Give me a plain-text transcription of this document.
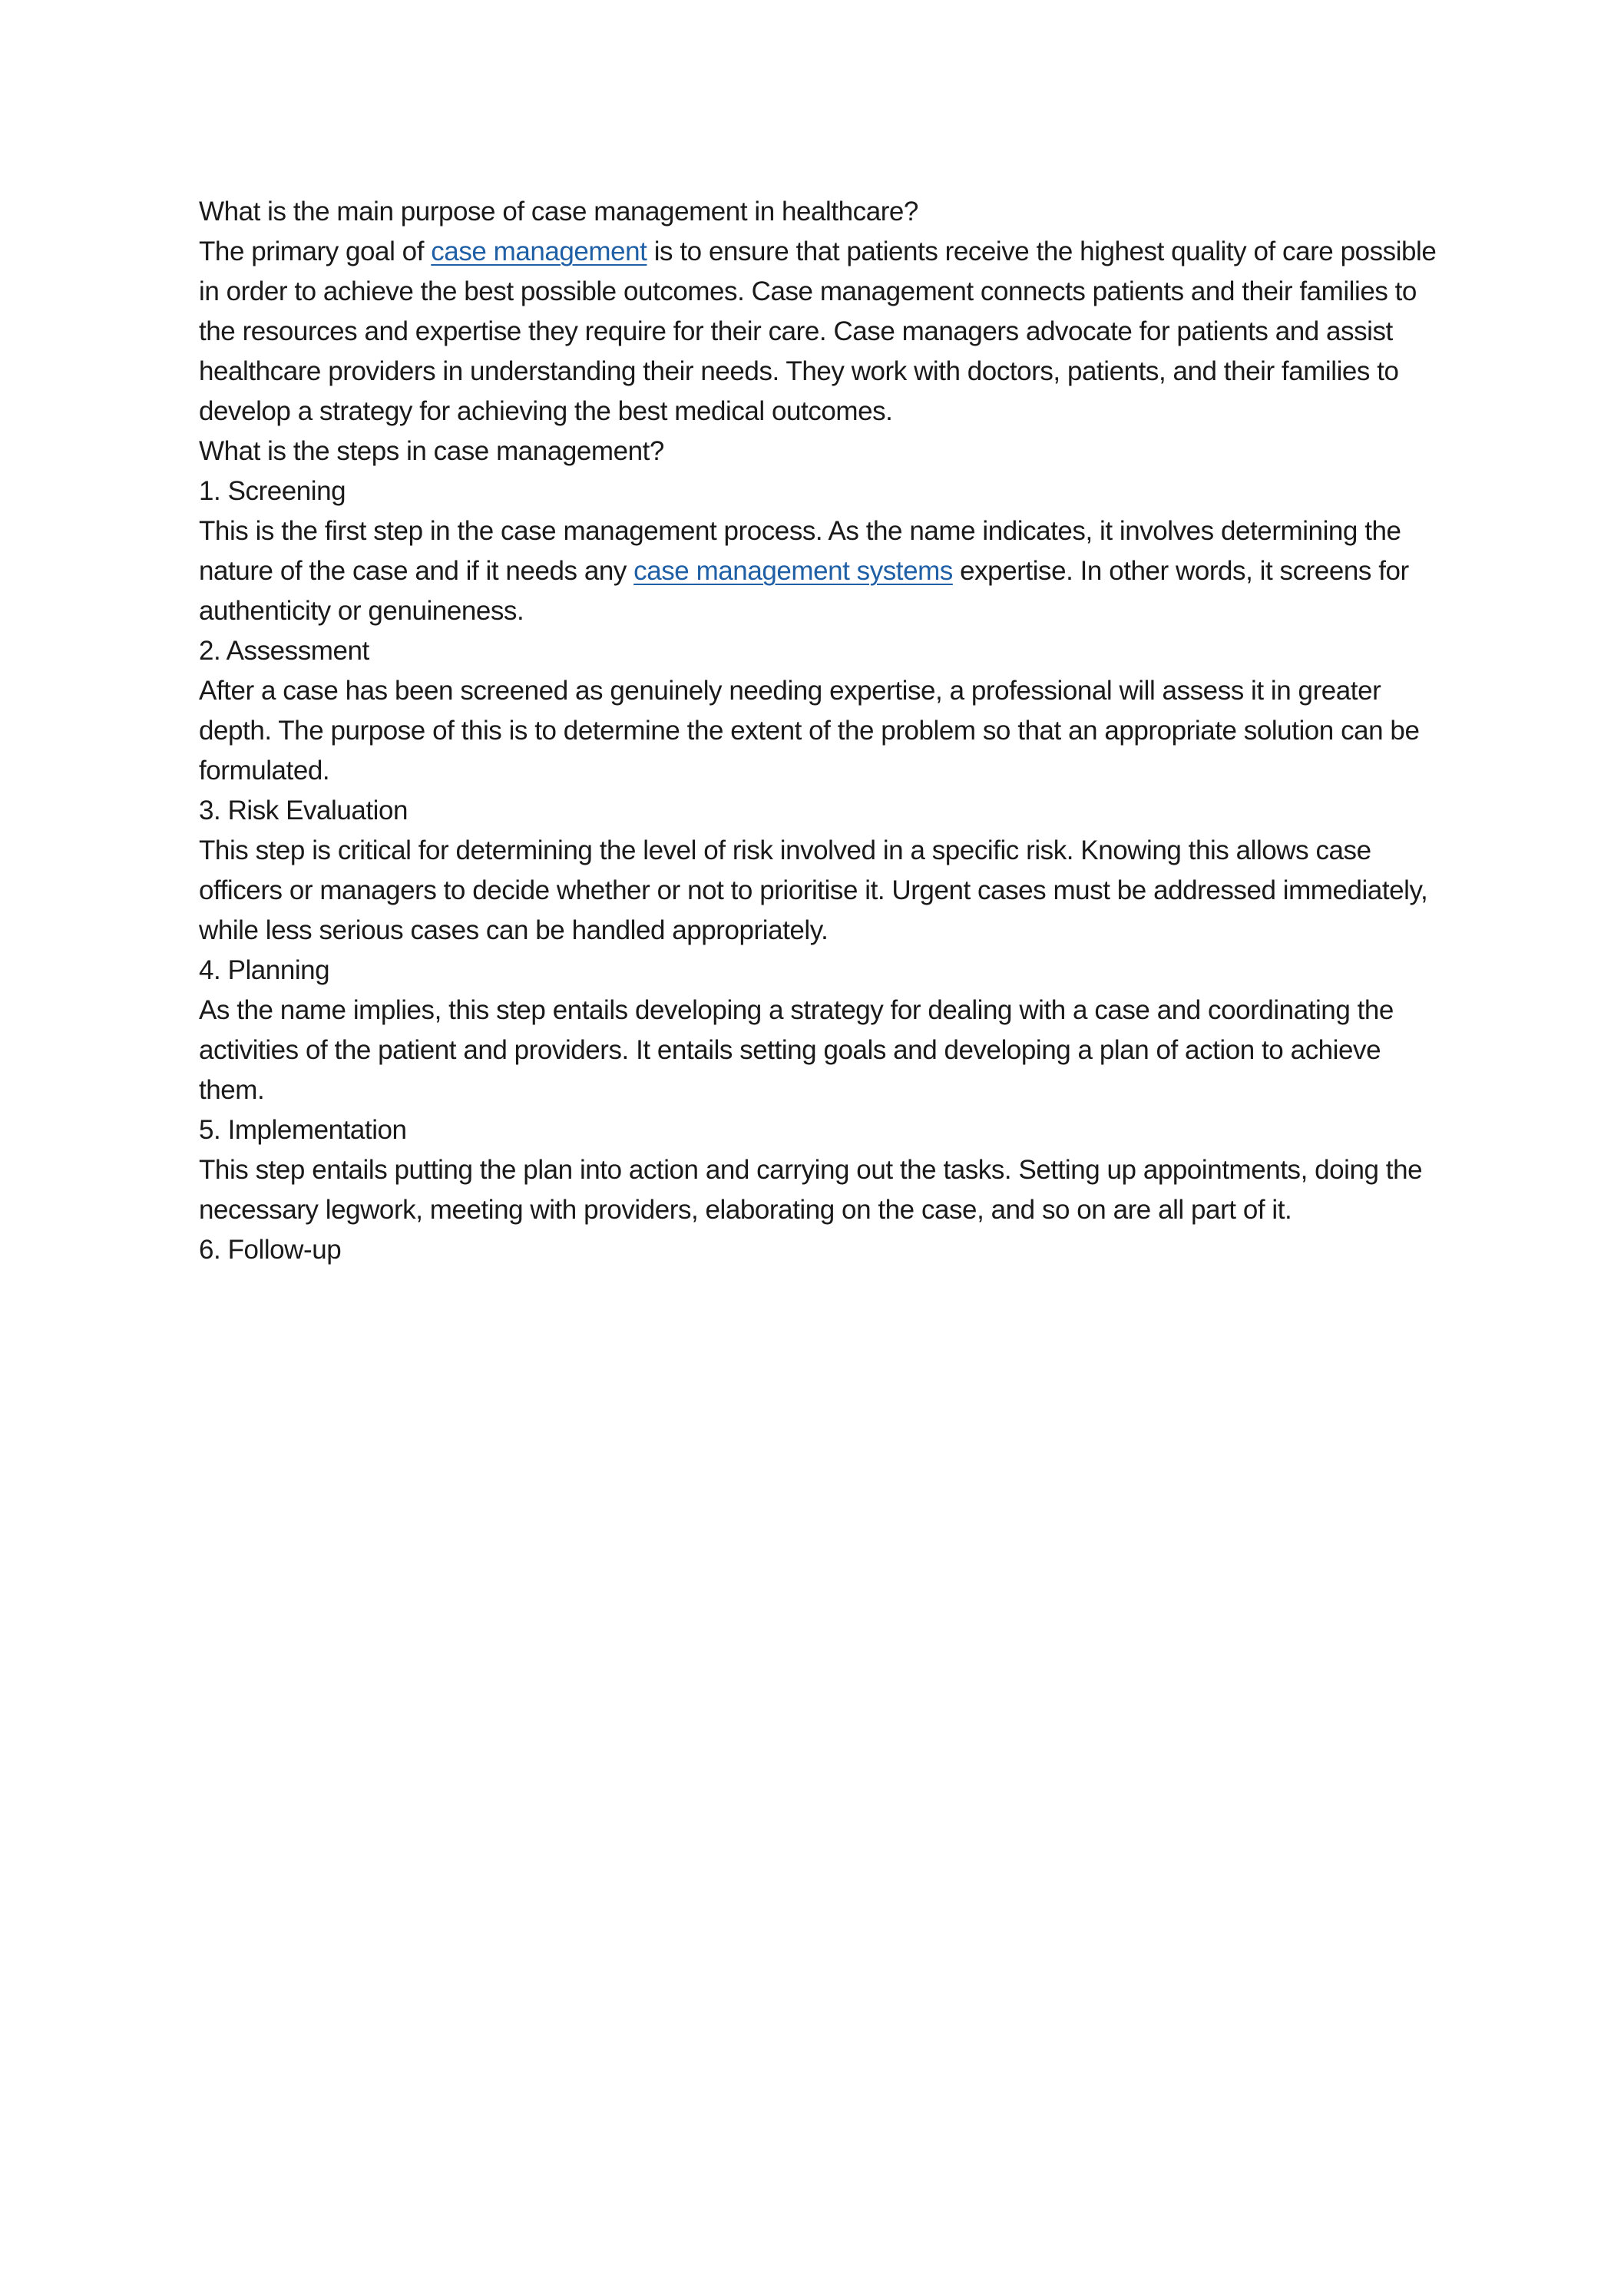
What is the main purpose of case management in healthcare?

The primary goal of case management is to ensure that patients receive the highest quality of care possible in order to achieve the best possible outcomes. Case management connects patients and their families to the resources and expertise they require for their care. Case managers advocate for patients and assist healthcare providers in understanding their needs. They work with doctors, patients, and their families to develop a strategy for achieving the best medical outcomes.

What is the steps in case management?

1. Screening

This is the first step in the case management process. As the name indicates, it involves determining the nature of the case and if it needs any case management systems expertise. In other words, it screens for authenticity or genuineness.

2. Assessment

After a case has been screened as genuinely needing expertise, a professional will assess it in greater depth. The purpose of this is to determine the extent of the problem so that an appropriate solution can be formulated.

3. Risk Evaluation

This step is critical for determining the level of risk involved in a specific risk. Knowing this allows case officers or managers to decide whether or not to prioritise it. Urgent cases must be addressed immediately, while less serious cases can be handled appropriately.

4. Planning

As the name implies, this step entails developing a strategy for dealing with a case and coordinating the activities of the patient and providers. It entails setting goals and developing a plan of action to achieve them.

5. Implementation

This step entails putting the plan into action and carrying out the tasks. Setting up appointments, doing the necessary legwork, meeting with providers, elaborating on the case, and so on are all part of it.

6. Follow-up
